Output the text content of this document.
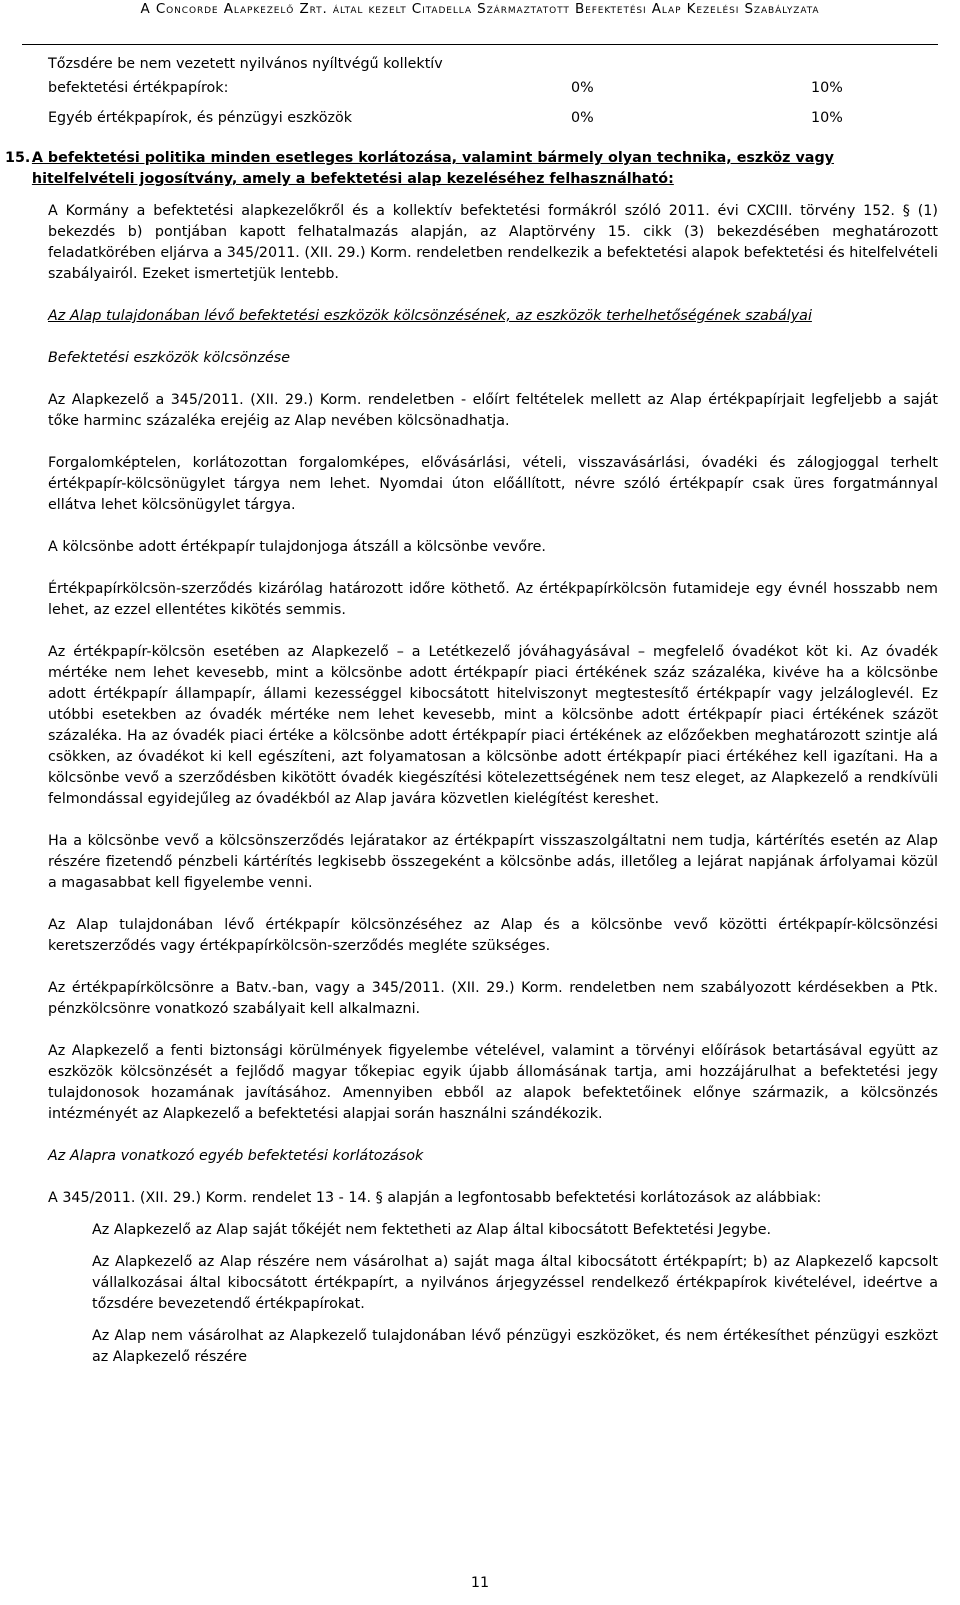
A Concorde Alapkezelő Zrt. által kezelt Citadella Származtatott Befektetési Alap Kezelési Szabályzata
Tőzsdére be nem vezetett nyilvános nyíltvégű kollektív
befektetési értékpapírok:	0%	10%
Egyéb értékpapírok, és pénzügyi eszközök	0%	10%
15. A befektetési politika minden esetleges korlátozása, valamint bármely olyan technika, eszköz vagy hitelfelvételi jogosítvány, amely a befektetési alap kezeléséhez felhasználható:

A Kormány a befektetési alapkezelőkről és a kollektív befektetési formákról szóló 2011. évi CXCIII. törvény 152. § (1) bekezdés b) pontjában kapott felhatalmazás alapján, az Alaptörvény 15. cikk (3) bekezdésében meghatározott feladatkörében eljárva a 345/2011. (XII. 29.) Korm. rendeletben rendelkezik a befektetési alapok befektetési és hitelfelvételi szabályairól. Ezeket ismertetjük lentebb.

Az Alap tulajdonában lévő befektetési eszközök kölcsönzésének, az eszközök terhelhetőségének szabályai

Befektetési eszközök kölcsönzése

Az Alapkezelő a 345/2011. (XII. 29.) Korm. rendeletben - előírt feltételek mellett az Alap értékpapírjait legfeljebb a saját tőke harminc százaléka erejéig az Alap nevében kölcsönadhatja.

Forgalomképtelen, korlátozottan forgalomképes, elővásárlási, vételi, visszavásárlási, óvadéki és zálogjoggal terhelt értékpapír-kölcsönügylet tárgya nem lehet. Nyomdai úton előállított, névre szóló értékpapír csak üres forgatmánnyal ellátva lehet kölcsönügylet tárgya.

A kölcsönbe adott értékpapír tulajdonjoga átszáll a kölcsönbe vevőre.

Értékpapírkölcsön-szerződés kizárólag határozott időre köthető. Az értékpapírkölcsön futamideje egy évnél hosszabb nem lehet, az ezzel ellentétes kikötés semmis.

Az értékpapír-kölcsön esetében az Alapkezelő – a Letétkezelő jóváhagyásával – megfelelő óvadékot köt ki. Az óvadék mértéke nem lehet kevesebb, mint a kölcsönbe adott értékpapír piaci értékének száz százaléka, kivéve ha a kölcsönbe adott értékpapír állampapír, állami kezességgel kibocsátott hitelviszonyt megtestesítő értékpapír vagy jelzáloglevél. Ez utóbbi esetekben az óvadék mértéke nem lehet kevesebb, mint a kölcsönbe adott értékpapír piaci értékének százöt százaléka. Ha az óvadék piaci értéke a kölcsönbe adott értékpapír piaci értékének az előzőekben meghatározott szintje alá csökken, az óvadékot ki kell egészíteni, azt folyamatosan a kölcsönbe adott értékpapír piaci értékéhez kell igazítani. Ha a kölcsönbe vevő a szerződésben kikötött óvadék kiegészítési kötelezettségének nem tesz eleget, az Alapkezelő a rendkívüli felmondással egyidejűleg az óvadékból az Alap javára közvetlen kielégítést kereshet.

Ha a kölcsönbe vevő a kölcsönszerződés lejáratakor az értékpapírt visszaszolgáltatni nem tudja, kártérítés esetén az Alap részére fizetendő pénzbeli kártérítés legkisebb összegeként a kölcsönbe adás, illetőleg a lejárat napjának árfolyamai közül a magasabbat kell figyelembe venni.

Az Alap tulajdonában lévő értékpapír kölcsönzéséhez az Alap és a kölcsönbe vevő közötti értékpapír-kölcsönzési keretszerződés vagy értékpapírkölcsön-szerződés megléte szükséges.

Az értékpapírkölcsönre a Batv.-ban, vagy a 345/2011. (XII. 29.) Korm. rendeletben nem szabályozott kérdésekben a Ptk. pénzkölcsönre vonatkozó szabályait kell alkalmazni.

Az Alapkezelő a fenti biztonsági körülmények figyelembe vételével, valamint a törvényi előírások betartásával együtt az eszközök kölcsönzését a fejlődő magyar tőkepiac egyik újabb állomásának tartja, ami hozzájárulhat a befektetési jegy tulajdonosok hozamának javításához. Amennyiben ebből az alapok befektetőinek előnye származik, a kölcsönzés intézményét az Alapkezelő a befektetési alapjai során használni szándékozik.

Az Alapra vonatkozó egyéb befektetési korlátozások

A 345/2011. (XII. 29.) Korm. rendelet 13 - 14. § alapján a legfontosabb befektetési korlátozások az alábbiak:

Az Alapkezelő az Alap saját tőkéjét nem fektetheti az Alap által kibocsátott Befektetési Jegybe.

Az Alapkezelő az Alap részére nem vásárolhat a) saját maga által kibocsátott értékpapírt; b) az Alapkezelő kapcsolt vállalkozásai által kibocsátott értékpapírt, a nyilvános árjegyzéssel rendelkező értékpapírok kivételével, ideértve a tőzsdére bevezetendő értékpapírokat.

Az Alap nem vásárolhat az Alapkezelő tulajdonában lévő pénzügyi eszközöket, és nem értékesíthet pénzügyi eszközt az Alapkezelő részére

11
